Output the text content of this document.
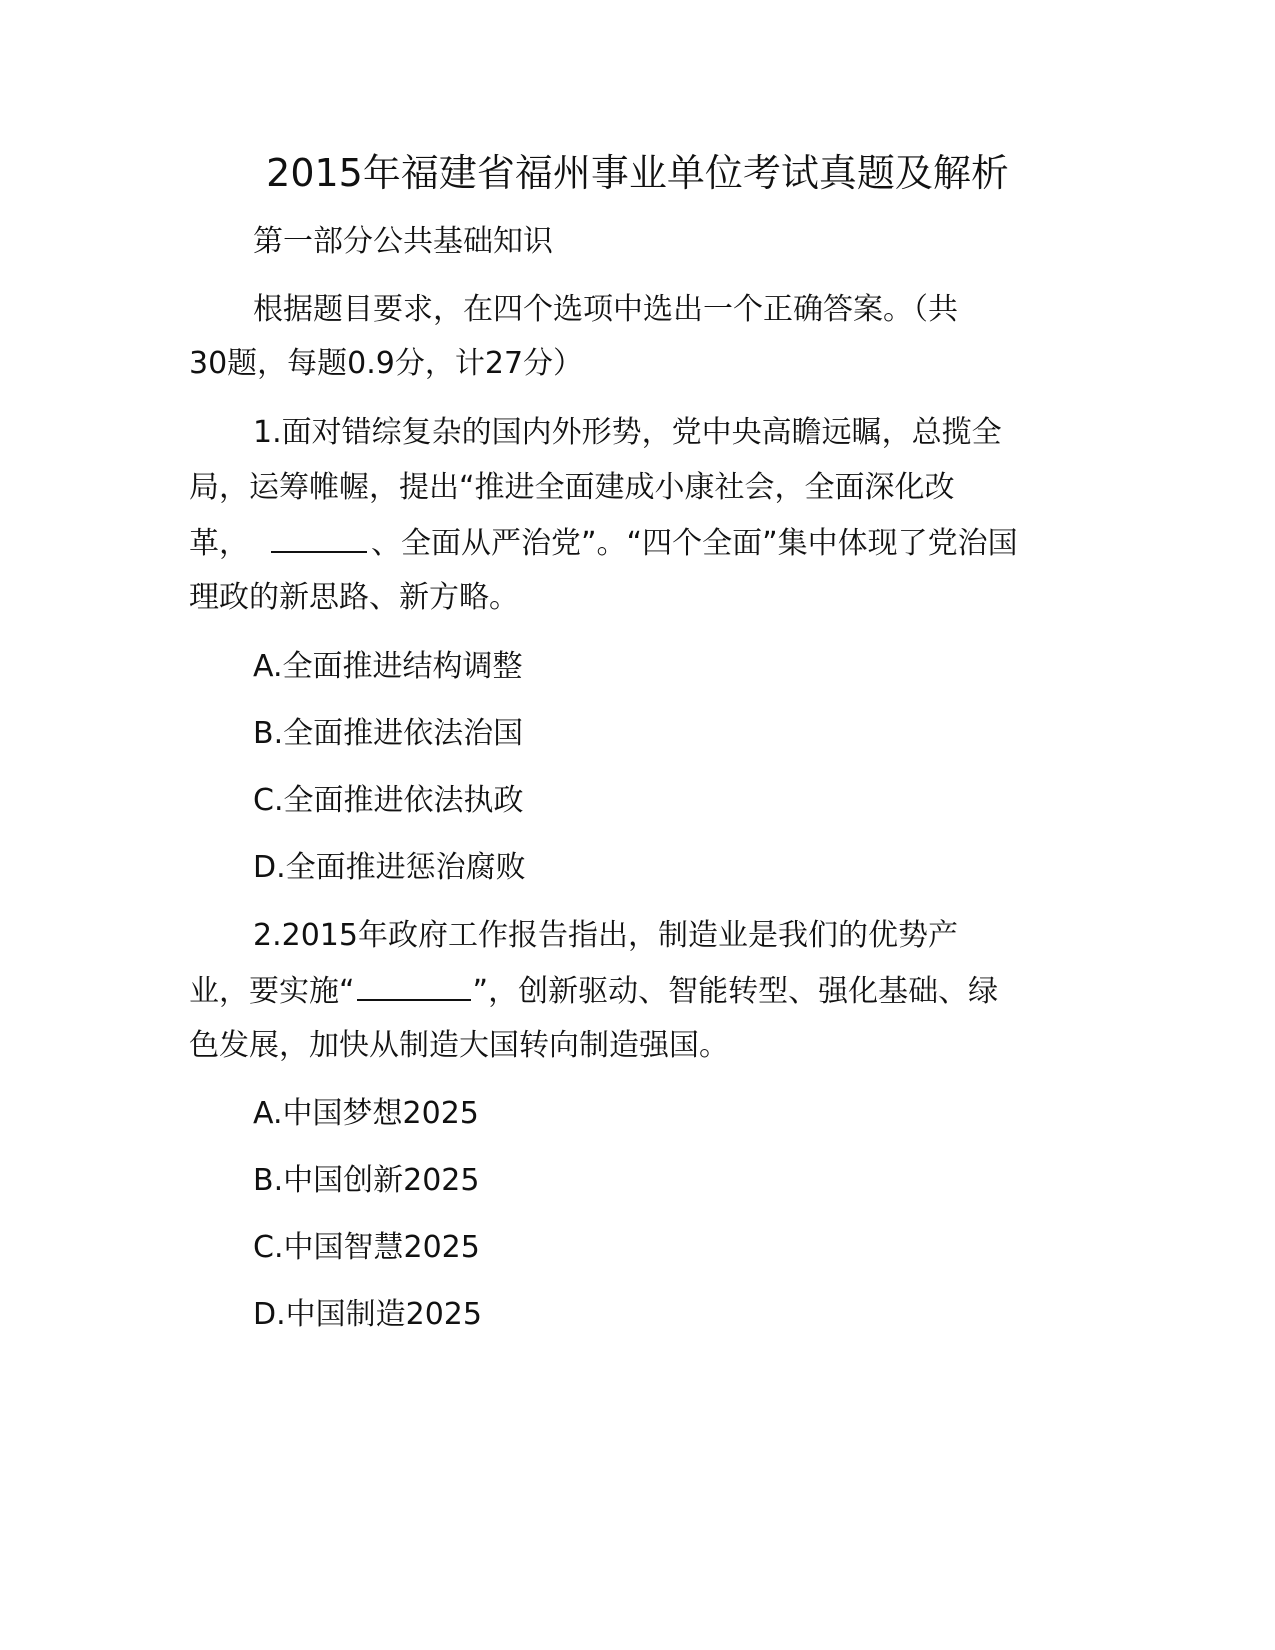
2015年福建省福州事业单位考试真题及解析
第一部分公共基础知识
根据题目要求，在四个选项中选出一个正确答案。（共
30题，每题0.9分，计27分）
1.面对错综复杂的国内外形势，党中央高瞻远瞩，总揽全
局，运筹帷幄，提出“推进全面建成小康社会，全面深化改
革，	、全面从严治党”。“四个全面”集中体现了党治国
理政的新思路、新方略。
A.全面推进结构调整
B.全面推进依法治国
C.全面推进依法执政
D.全面推进惩治腐败
2.2015年政府工作报告指出，制造业是我们的优势产
业，要实施“	”，创新驱动、智能转型、强化基础、绿
色发展，加快从制造大国转向制造强国。
A.中国梦想2025
B.中国创新2025
C.中国智慧2025
D.中国制造2025
